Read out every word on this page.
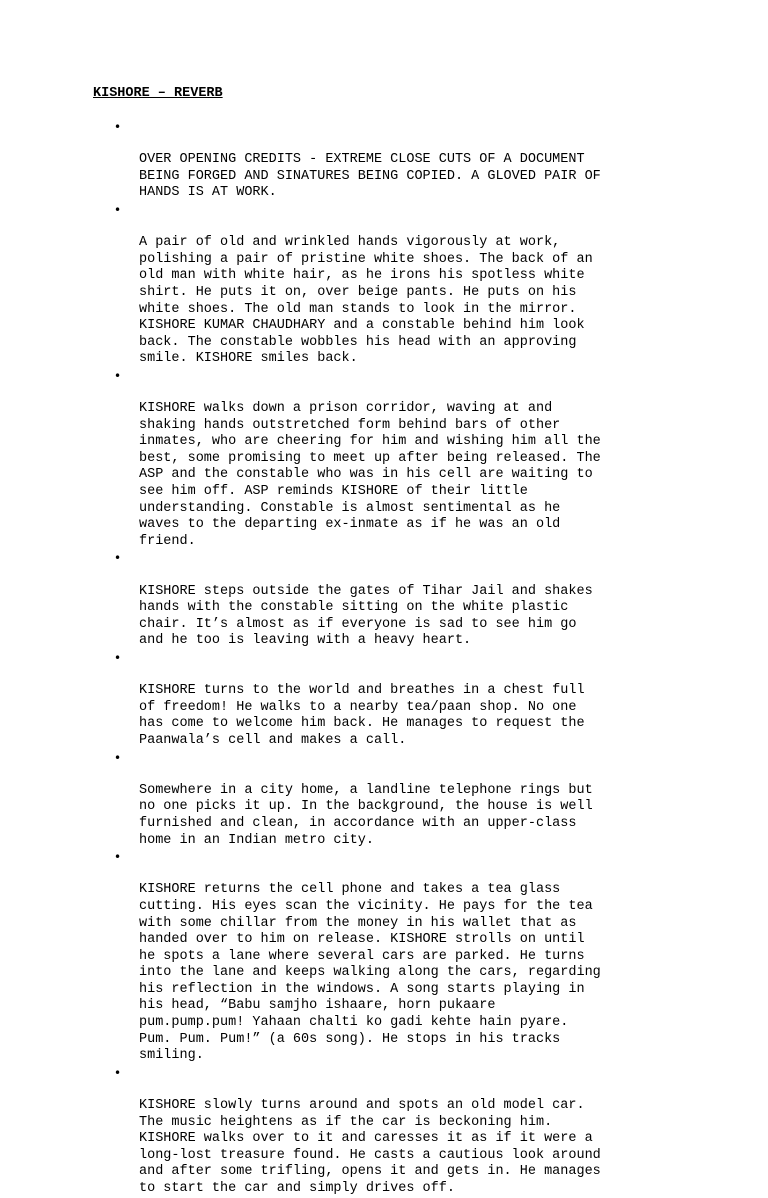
KISHORE – REVERB

•

OVER OPENING CREDITS - EXTREME CLOSE CUTS OF A DOCUMENT
BEING FORGED AND SINATURES BEING COPIED. A GLOVED PAIR OF
HANDS IS AT WORK.

•

A pair of old and wrinkled hands vigorously at work,
polishing a pair of pristine white shoes. The back of an
old man with white hair, as he irons his spotless white
shirt. He puts it on, over beige pants. He puts on his
white shoes. The old man stands to look in the mirror.
KISHORE KUMAR CHAUDHARY and a constable behind him look
back. The constable wobbles his head with an approving
smile. KISHORE smiles back.

•

KISHORE walks down a prison corridor, waving at and
shaking hands outstretched form behind bars of other
inmates, who are cheering for him and wishing him all the
best, some promising to meet up after being released. The
ASP and the constable who was in his cell are waiting to
see him off. ASP reminds KISHORE of their little
understanding. Constable is almost sentimental as he
waves to the departing ex-inmate as if he was an old
friend.

•

KISHORE steps outside the gates of Tihar Jail and shakes
hands with the constable sitting on the white plastic
chair. It’s almost as if everyone is sad to see him go
and he too is leaving with a heavy heart.

•

KISHORE turns to the world and breathes in a chest full
of freedom! He walks to a nearby tea/paan shop. No one
has come to welcome him back. He manages to request the
Paanwala’s cell and makes a call.

•

Somewhere in a city home, a landline telephone rings but
no one picks it up. In the background, the house is well
furnished and clean, in accordance with an upper-class
home in an Indian metro city.

•

KISHORE returns the cell phone and takes a tea glass
cutting. His eyes scan the vicinity. He pays for the tea
with some chillar from the money in his wallet that as
handed over to him on release. KISHORE strolls on until
he spots a lane where several cars are parked. He turns
into the lane and keeps walking along the cars, regarding
his reflection in the windows. A song starts playing in
his head, “Babu samjho ishaare, horn pukaare
pum.pump.pum! Yahaan chalti ko gadi kehte hain pyare.
Pum. Pum. Pum!” (a 60s song). He stops in his tracks
smiling.

•

KISHORE slowly turns around and spots an old model car.
The music heightens as if the car is beckoning him.
KISHORE walks over to it and caresses it as if it were a
long-lost treasure found. He casts a cautious look around
and after some trifling, opens it and gets in. He manages
to start the car and simply drives off.
